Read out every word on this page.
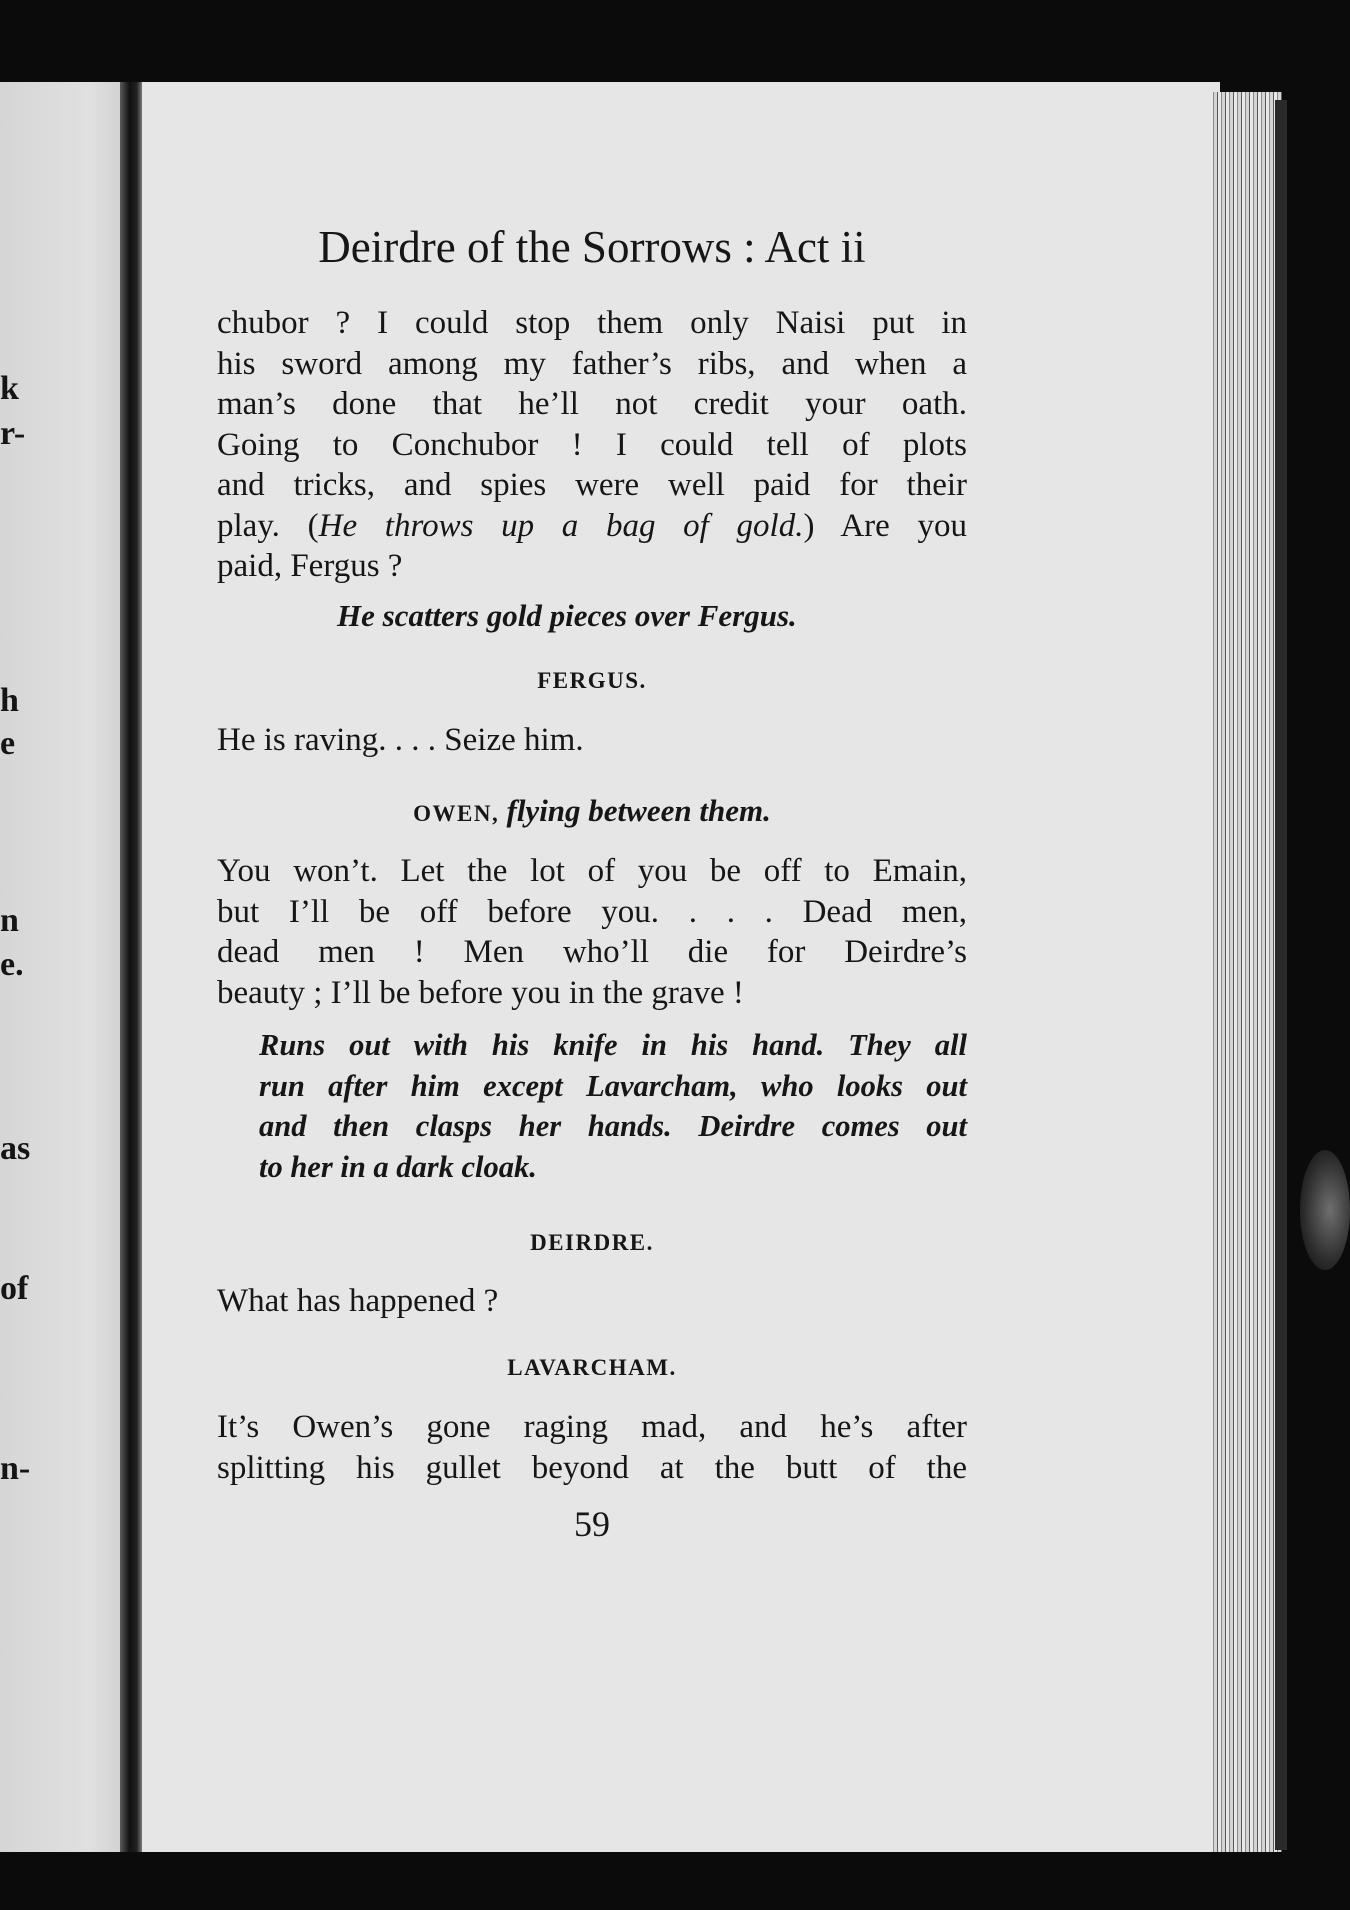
k
r-
h
e
n
e.
as
of
n-
Deirdre of the Sorrows : Act ii
chubor ? I could stop them only Naisi put in
his sword among my father’s ribs, and when a
man’s done that he’ll not credit your oath.
Going to Conchubor ! I could tell of plots
and tricks, and spies were well paid for their
play. (He throws up a bag of gold.) Are you
paid, Fergus ?
He scatters gold pieces over Fergus.
FERGUS.
He is raving. . . . Seize him.
OWEN, flying between them.
You won’t. Let the lot of you be off to Emain,
but I’ll be off before you. . . . Dead men,
dead men ! Men who’ll die for Deirdre’s
beauty ; I’ll be before you in the grave !
Runs out with his knife in his hand. They all
run after him except Lavarcham, who looks out
and then clasps her hands. Deirdre comes out
to her in a dark cloak.
DEIRDRE.
What has happened ?
LAVARCHAM.
It’s Owen’s gone raging mad, and he’s after
splitting his gullet beyond at the butt of the
59
